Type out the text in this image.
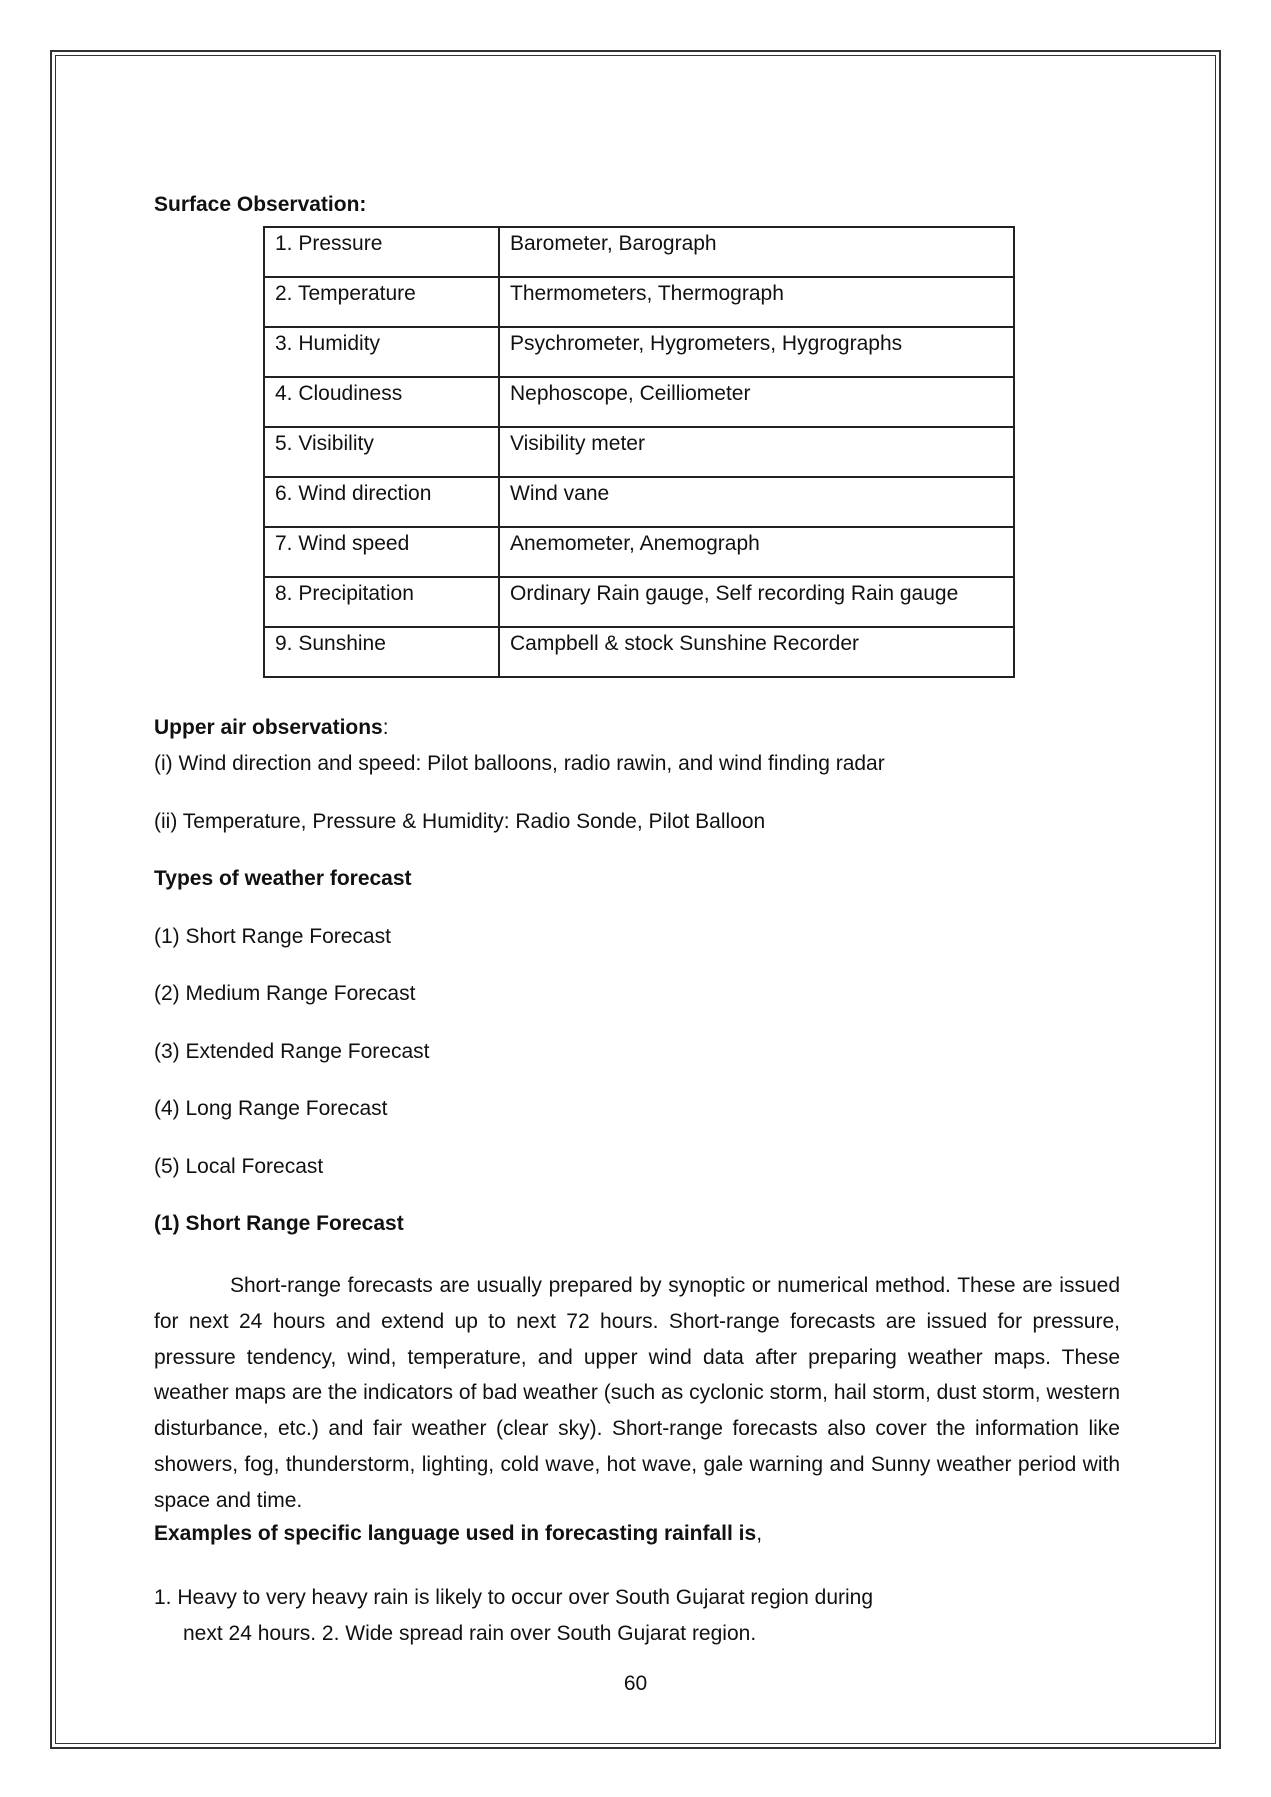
Surface Observation:
1. Pressure	Barometer, Barograph
2. Temperature	Thermometers, Thermograph
3. Humidity	Psychrometer, Hygrometers, Hygrographs
4. Cloudiness	Nephoscope, Ceilliometer
5. Visibility	Visibility meter
6. Wind direction	Wind vane
7. Wind speed	Anemometer, Anemograph
8. Precipitation	Ordinary Rain gauge, Self recording Rain gauge
9. Sunshine	Campbell & stock Sunshine Recorder
Upper air observations:
(i) Wind direction and speed: Pilot balloons, radio rawin, and wind finding radar
(ii) Temperature, Pressure & Humidity: Radio Sonde, Pilot Balloon
Types of weather forecast
(1) Short Range Forecast
(2) Medium Range Forecast
(3) Extended Range Forecast
(4) Long Range Forecast
(5) Local Forecast
(1) Short Range Forecast
Short-range forecasts are usually prepared by synoptic or numerical method. These are issued for next 24 hours and extend up to next 72 hours. Short-range forecasts are issued for pressure, pressure tendency, wind, temperature, and upper wind data after preparing weather maps. These weather maps are the indicators of bad weather (such as cyclonic storm, hail storm, dust storm, western disturbance, etc.) and fair weather (clear sky). Short-range forecasts also cover the information like showers, fog, thunderstorm, lighting, cold wave, hot wave, gale warning and Sunny weather period with space and time.
Examples of specific language used in forecasting rainfall is,
1. Heavy to very heavy rain is likely to occur over South Gujarat region during
next 24 hours. 2. Wide spread rain over South Gujarat region.
60
